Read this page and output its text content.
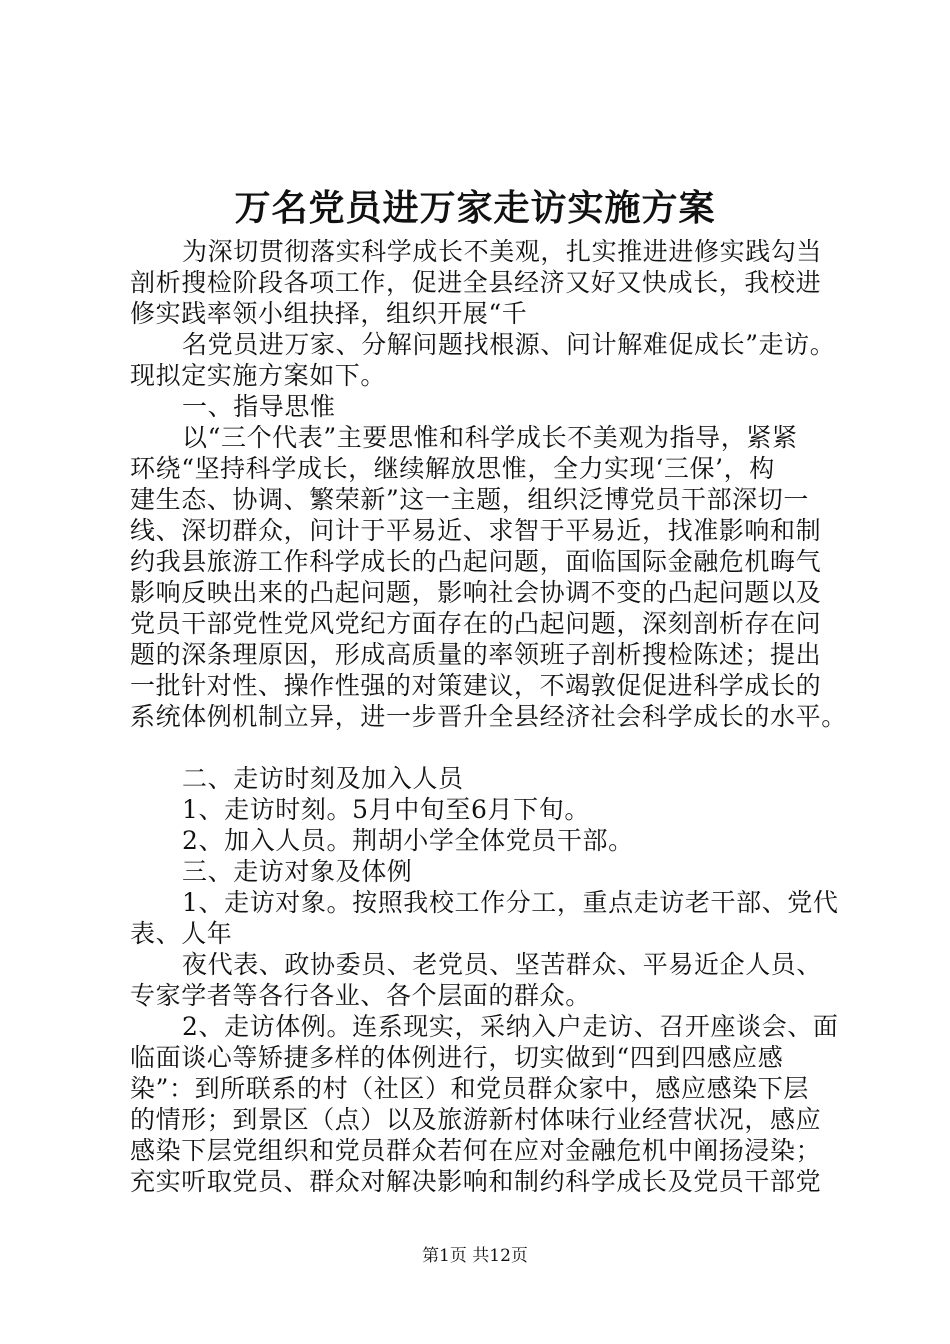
万名党员进万家走访实施方案
为深切贯彻落实科学成长不美观，扎实推进进修实践勾当
剖析搜检阶段各项工作，促进全县经济又好又快成长，我校进
修实践率领小组抉择，组织开展“千
名党员进万家、分解问题找根源、问计解难促成长”走访。
现拟定实施方案如下。
一、指导思惟
以“三个代表”主要思惟和科学成长不美观为指导，紧紧
环绕“坚持科学成长，继续解放思惟，全力实现‘三保’，构
建生态、协调、繁荣新”这一主题，组织泛博党员干部深切一
线、深切群众，问计于平易近、求智于平易近，找准影响和制
约我县旅游工作科学成长的凸起问题，面临国际金融危机晦气
影响反映出来的凸起问题，影响社会协调不变的凸起问题以及
党员干部党性党风党纪方面存在的凸起问题，深刻剖析存在问
题的深条理原因，形成高质量的率领班子剖析搜检陈述；提出
一批针对性、操作性强的对策建议，不竭敦促促进科学成长的
系统体例机制立异，进一步晋升全县经济社会科学成长的水平。
二、走访时刻及加入人员
1、走访时刻。5月中旬至6月下旬。
2、加入人员。荆胡小学全体党员干部。
三、走访对象及体例
1、走访对象。按照我校工作分工，重点走访老干部、党代
表、人年
夜代表、政协委员、老党员、坚苦群众、平易近企人员、
专家学者等各行各业、各个层面的群众。
2、走访体例。连系现实，采纳入户走访、召开座谈会、面
临面谈心等矫捷多样的体例进行，切实做到“四到四感应感
染”：到所联系的村（社区）和党员群众家中，感应感染下层
的情形；到景区（点）以及旅游新村体味行业经营状况，感应
感染下层党组织和党员群众若何在应对金融危机中阐扬浸染；
充实听取党员、群众对解决影响和制约科学成长及党员干部党
第1页 共12页
